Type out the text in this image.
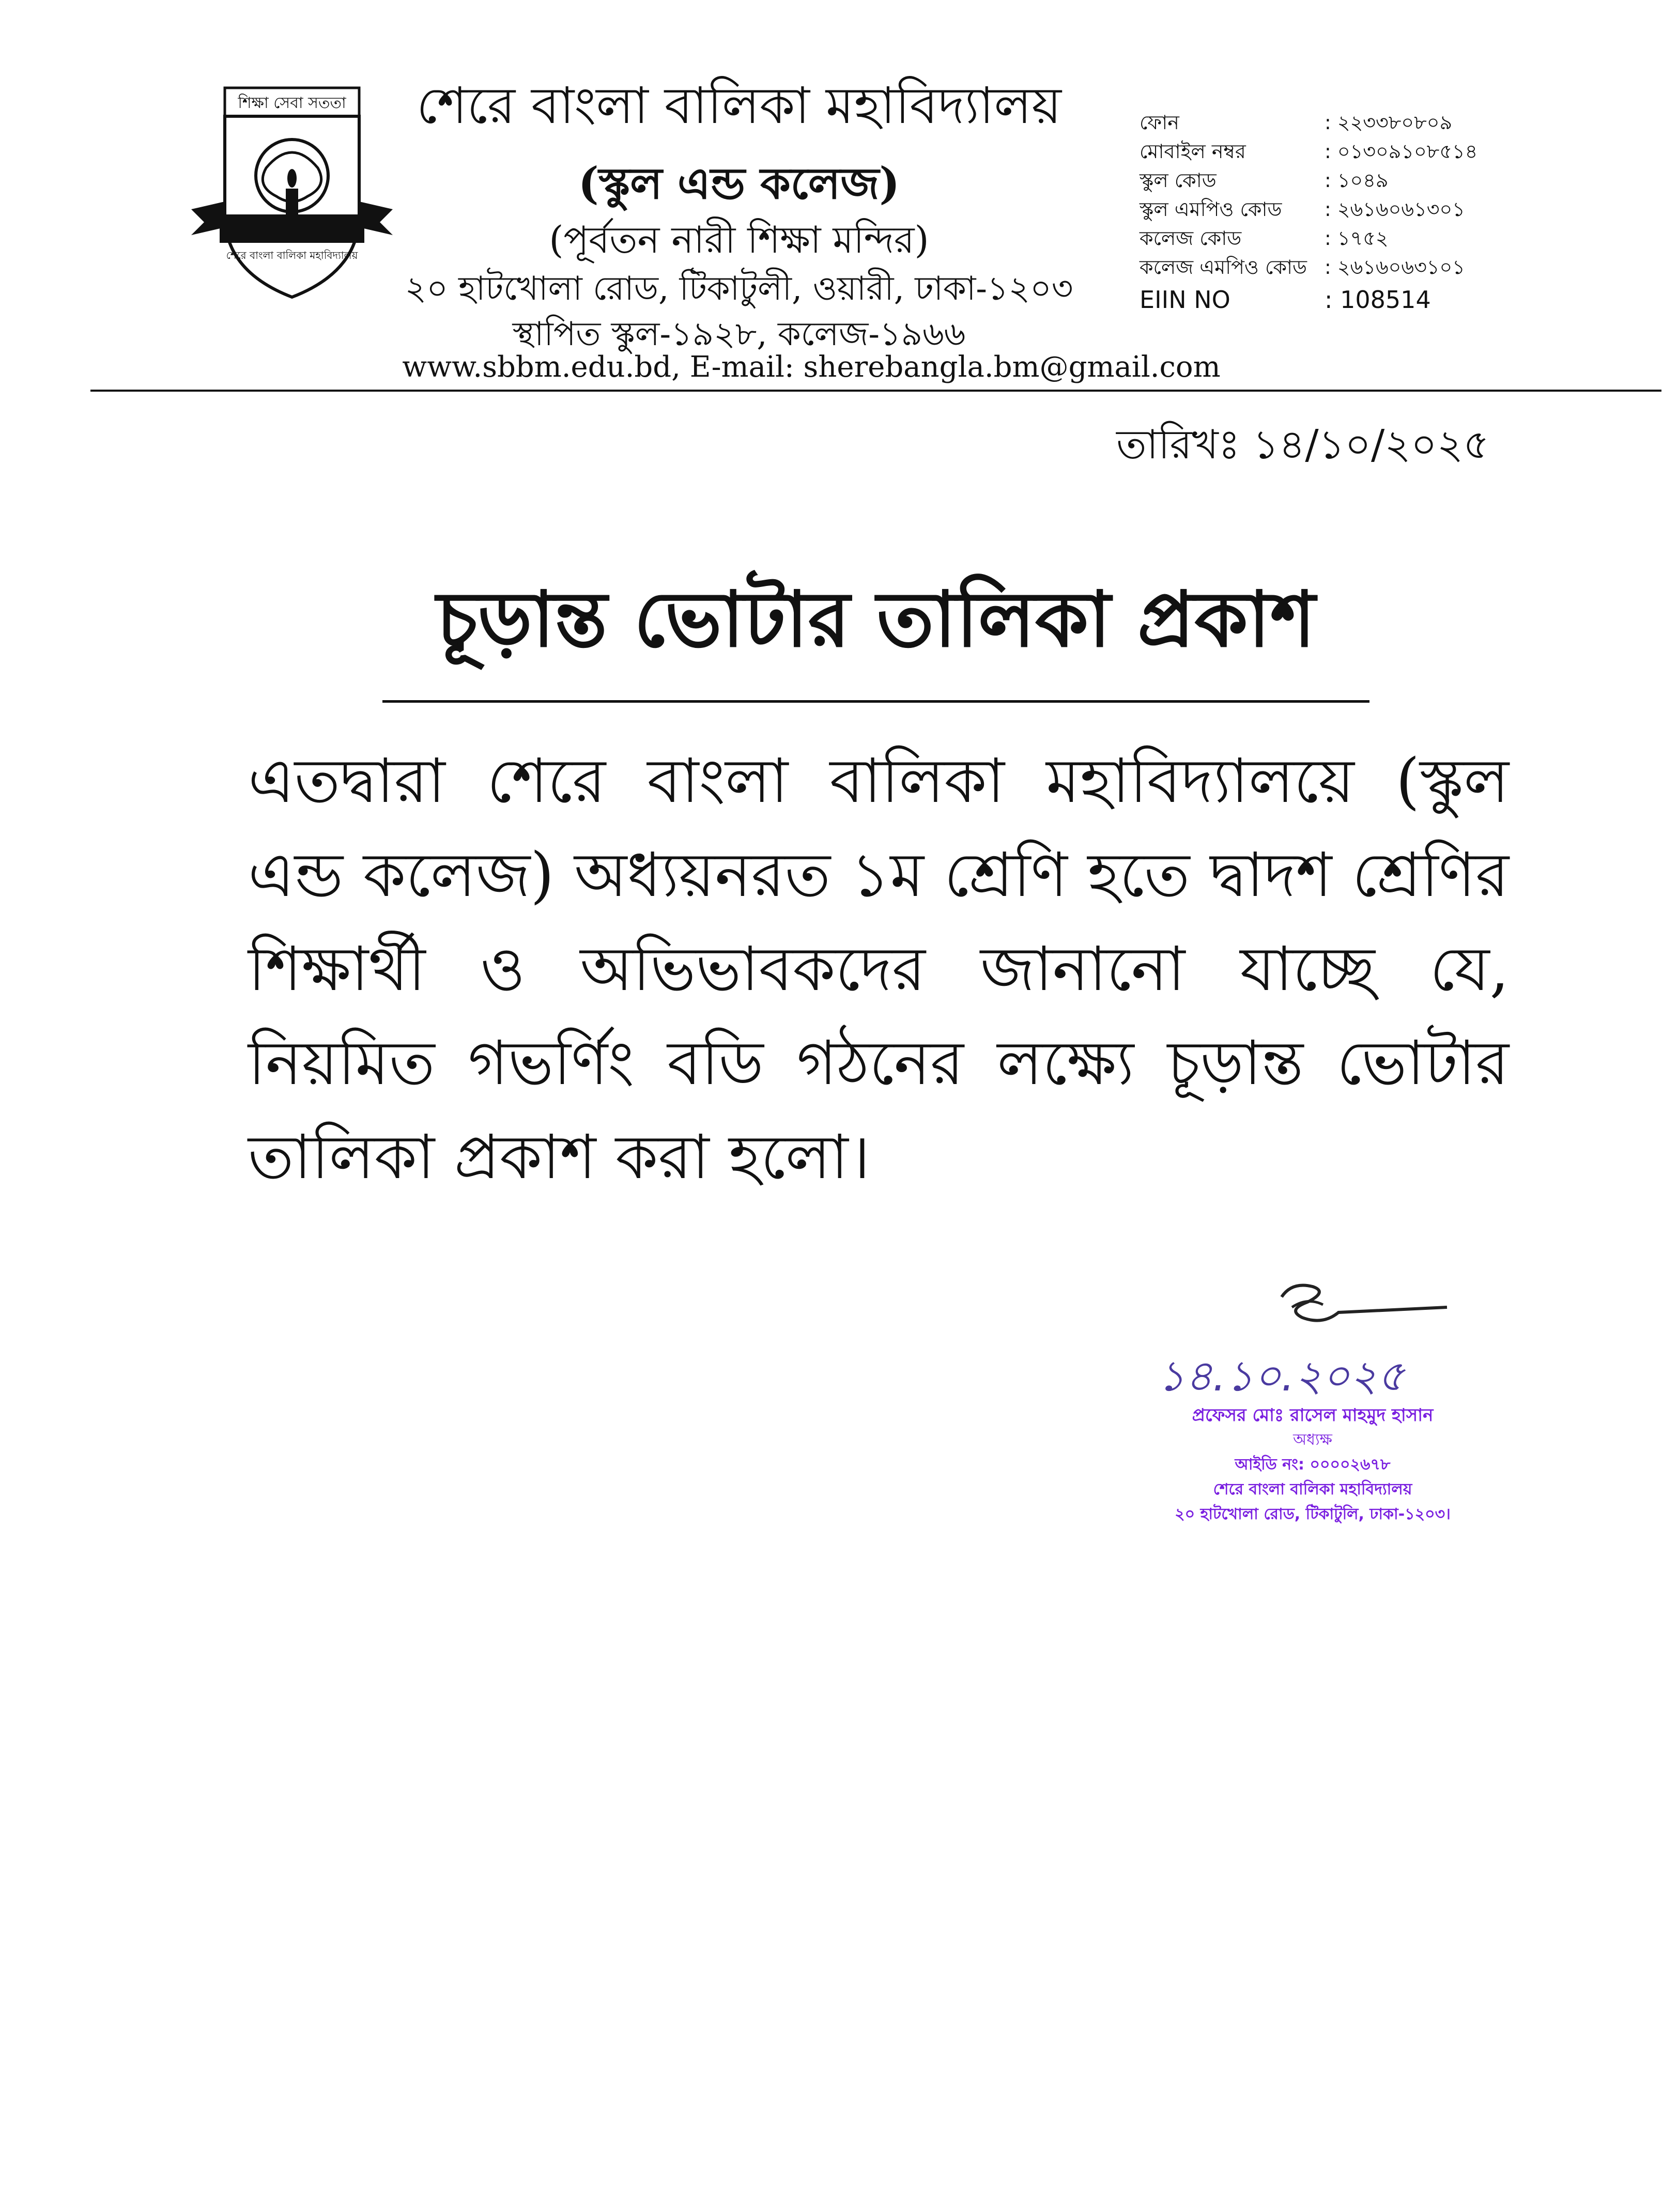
শিক্ষা সেবা সততা
শেরে বাংলা বালিকা মহাবিদ্যালয়
শেরে বাংলা বালিকা মহাবিদ্যালয়
(স্কুল এন্ড কলেজ)
(পূর্বতন নারী শিক্ষা মন্দির)
২০ হাটখোলা রোড, টিকাটুলী, ওয়ারী, ঢাকা-১২০৩
স্থাপিত স্কুল-১৯২৮, কলেজ-১৯৬৬
www.sbbm.edu.bd, E-mail: sherebangla.bm@gmail.com
ফোন	: ২২৩৩৮০৮০৯
মোবাইল নম্বর	: ০১৩০৯১০৮৫১৪
স্কুল কোড	: ১০৪৯
স্কুল এমপিও কোড	: ২৬১৬০৬১৩০১
কলেজ কোড	: ১৭৫২
কলেজ এমপিও কোড : ২৬১৬০৬৩১০১
EIIN NO	: 108514
তারিখঃ ১৪/১০/২০২৫
চূড়ান্ত ভোটার তালিকা প্রকাশ
এতদ্বারা শেরে বাংলা বালিকা মহাবিদ্যালয়ে (স্কুল এন্ড কলেজ) অধ্যয়নরত ১ম শ্রেণি হতে দ্বাদশ শ্রেণির শিক্ষার্থী ও অভিভাবকদের জানানো যাচ্ছে যে, নিয়মিত গভর্ণিং বডি গঠনের লক্ষ্যে চূড়ান্ত ভোটার তালিকা প্রকাশ করা হলো।
১৪.১০.২০২৫
প্রফেসর মোঃ রাসেল মাহমুদ হাসান
অধ্যক্ষ
আইডি নং: ০০০০২৬৭৮
শেরে বাংলা বালিকা মহাবিদ্যালয়
২০ হাটখোলা রোড, টিকাটুলি, ঢাকা-১২০৩।
